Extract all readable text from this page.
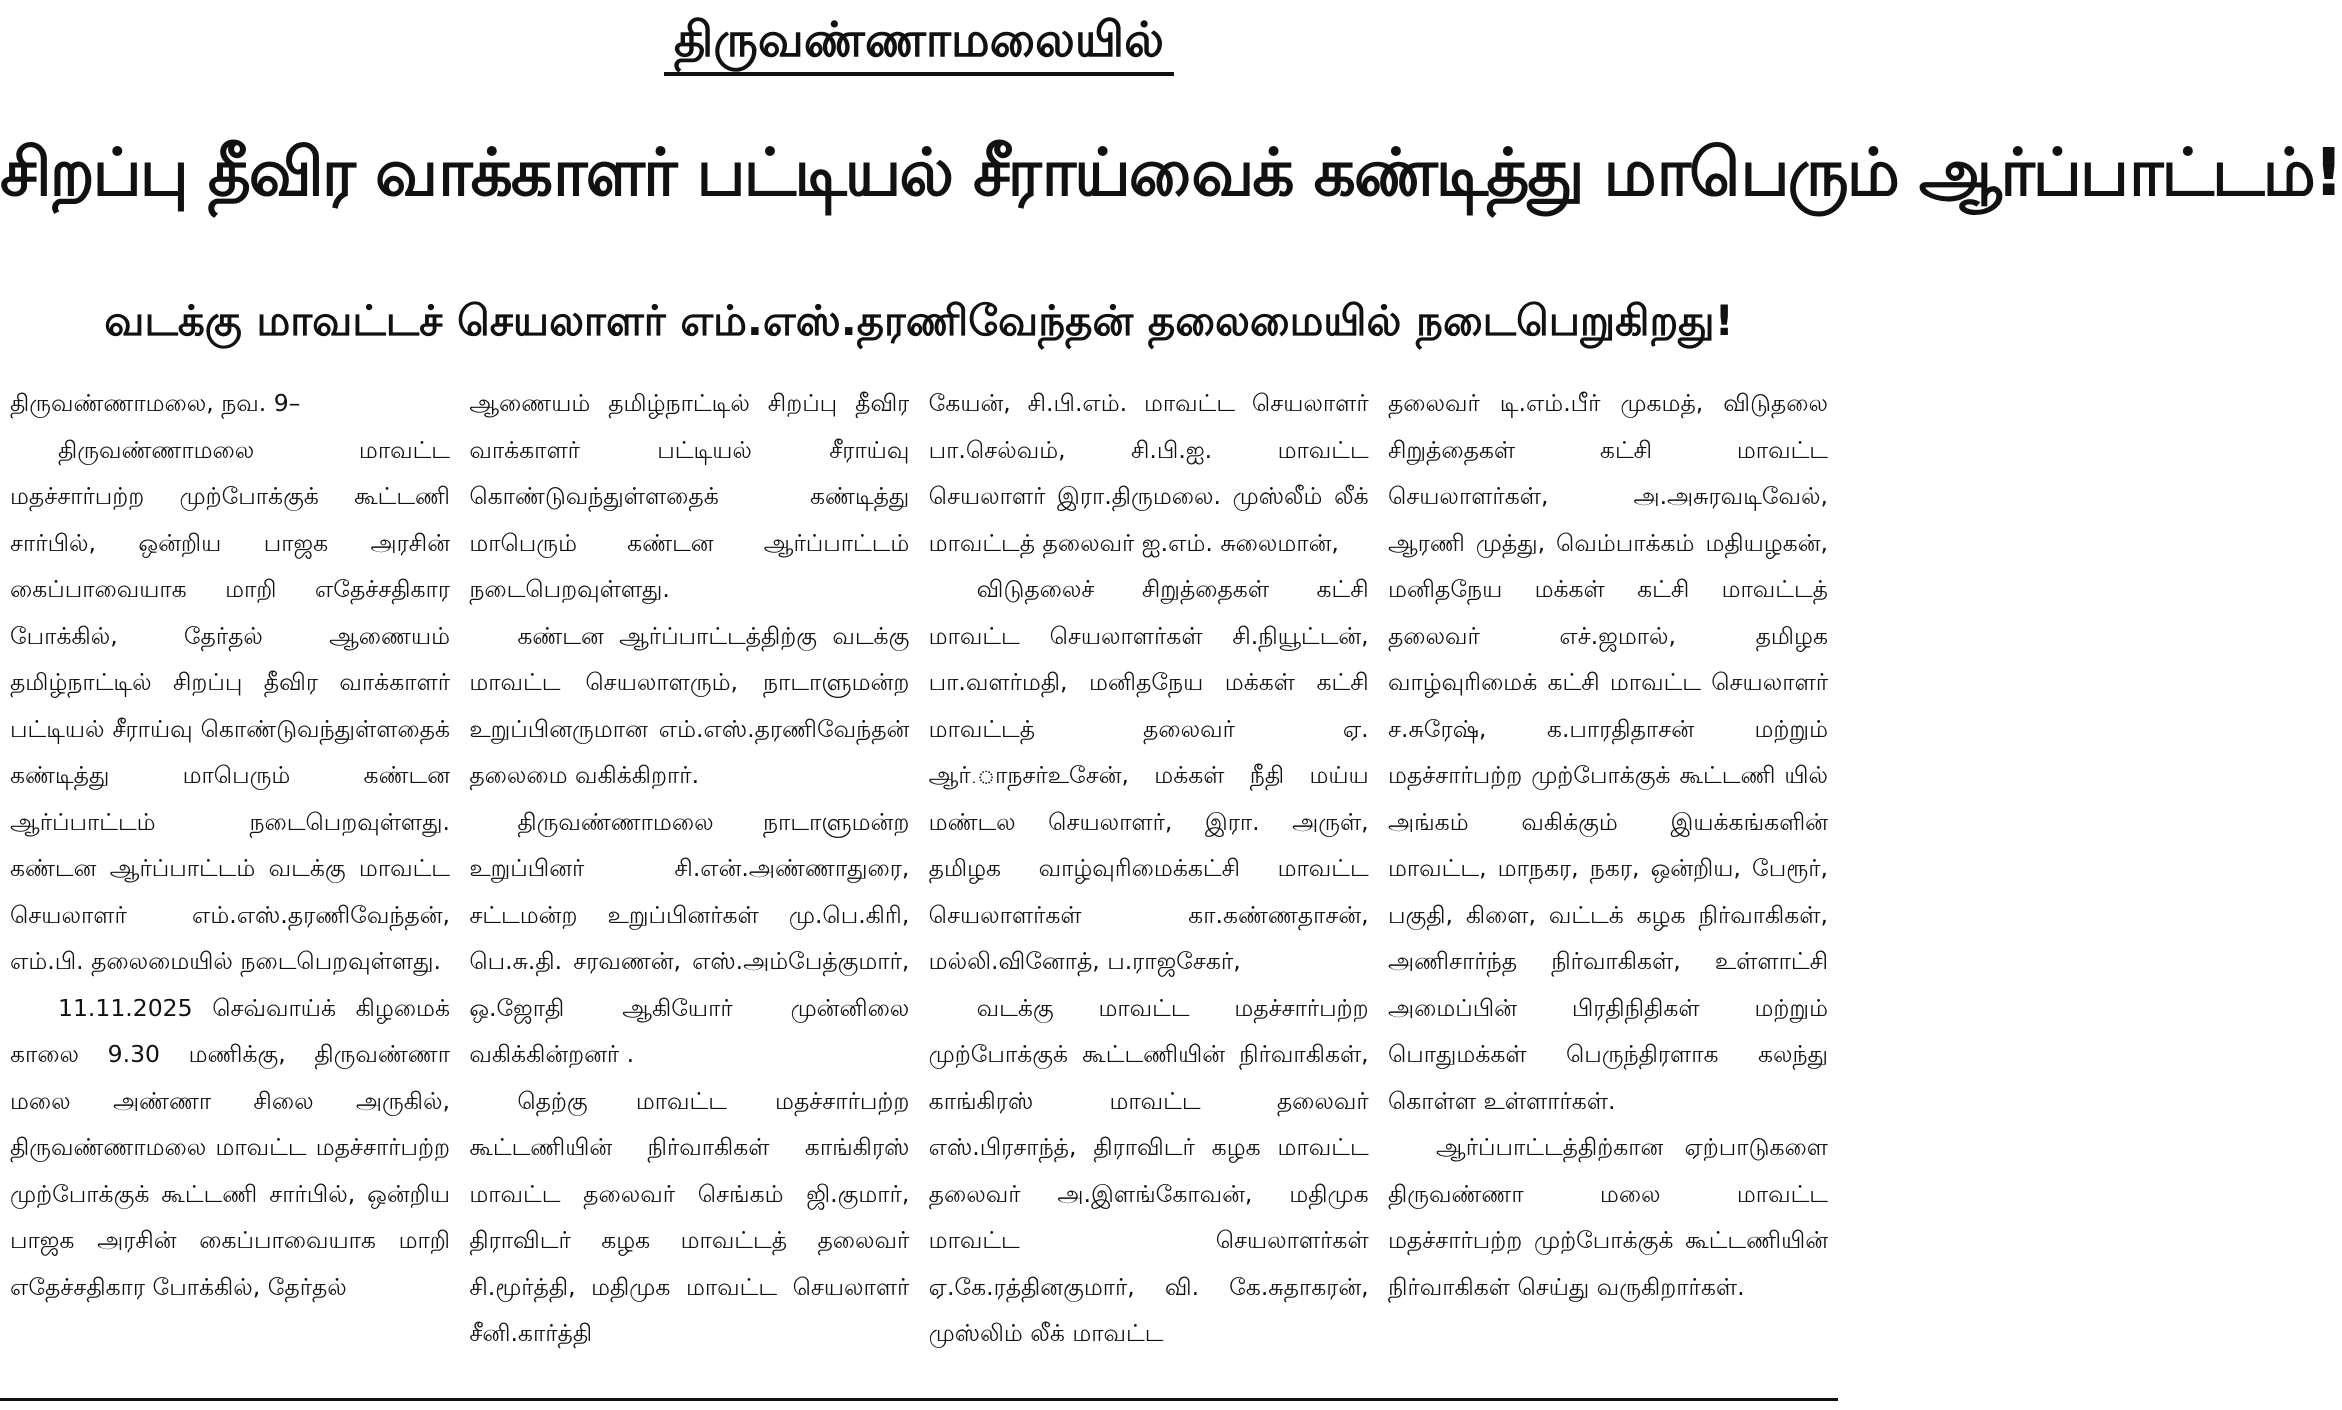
திருவண்ணாமலையில்
சிறப்பு தீவிர வாக்காளர் பட்டியல் சீராய்வைக் கண்டித்து மாபெரும் ஆர்ப்பாட்டம்!
வடக்கு மாவட்டச் செயலாளர் எம்.எஸ்.தரணிவேந்தன் தலைமையில் நடைபெறுகிறது!

திருவண்ணாமலை, நவ. 9–

திருவண்ணாமலை மாவட்ட மதச்சார்பற்ற முற்போக்குக் கூட்டணி சார்பில், ஒன்றிய பாஜக அரசின் கைப்பாவையாக மாறி எதேச்சதிகார போக்கில், தேர்தல் ஆணையம் தமிழ்நாட்டில் சிறப்பு தீவிர வாக்காளர் பட்டியல் சீராய்வு கொண்டுவந்துள்ளதைக் கண்டித்து மாபெரும் கண்டன ஆர்ப்பாட்டம் நடைபெறவுள்ளது. கண்டன ஆர்ப்பாட்டம் வடக்கு மாவட்ட செயலாளர் எம்.எஸ்.தரணிவேந்தன், எம்.பி. தலைமையில் நடைபெறவுள்ளது.

11.11.2025 செவ்வாய்க் கிழமைக் காலை 9.30 மணிக்கு, திருவண்ணா மலை அண்ணா சிலை அருகில், திருவண்ணாமலை மாவட்ட மதச்சார்பற்ற முற்போக்குக் கூட்டணி சார்பில், ஒன்றிய பாஜக அரசின் கைப்பாவையாக மாறி எதேச்சதிகார போக்கில், தேர்தல்

ஆணையம் தமிழ்நாட்டில் சிறப்பு தீவிர வாக்காளர் பட்டியல் சீராய்வு கொண்டுவந்துள்ளதைக் கண்டித்து மாபெரும் கண்டன ஆர்ப்பாட்டம் நடைபெறவுள்ளது.

கண்டன ஆர்ப்பாட்டத்திற்கு வடக்கு மாவட்ட செயலாளரும், நாடாளுமன்ற உறுப்பினருமான எம்.எஸ்.தரணிவேந்தன் தலைமை வகிக்கிறார்.

திருவண்ணாமலை நாடாளுமன்ற உறுப்பினர் சி.என்.அண்ணாதுரை, சட்டமன்ற உறுப்பினர்கள் மு.பெ.கிரி, பெ.சு.தி. சரவணன், எஸ்.அம்பேத்குமார், ஒ.ஜோதி ஆகியோர் முன்னிலை வகிக்கின்றனர் .

தெற்கு மாவட்ட மதச்சார்பற்ற கூட்டணியின் நிர்வாகிகள் காங்கிரஸ் மாவட்ட தலைவர் செங்கம் ஜி.குமார், திராவிடர் கழக மாவட்டத் தலைவர் சி.மூர்த்தி, மதிமுக மாவட்ட செயலாளர் சீனி.கார்த்தி

கேயன், சி.பி.எம். மாவட்ட செயலாளர் பா.செல்வம், சி.பி.ஐ. மாவட்ட செயலாளர் இரா.திருமலை. முஸ்லீம் லீக் மாவட்டத் தலைவர் ஐ.எம். சுலைமான்,

விடுதலைச் சிறுத்தைகள் கட்சி மாவட்ட செயலாளர்கள் சி.நியூட்டன், பா.வளர்மதி, மனிதநேய மக்கள் கட்சி மாவட்டத் தலைவர் ஏ. ஆர்.ாநசர்உசேன், மக்கள் நீதி மய்ய மண்டல செயலாளர், இரா. அருள், தமிழக வாழ்வுரிமைக்கட்சி மாவட்ட செயலாளர்கள் கா.கண்ணதாசன், மல்லி.வினோத், ப.ராஜசேகர்,

வடக்கு மாவட்ட மதச்சார்பற்ற முற்போக்குக் கூட்டணியின் நிர்வாகிகள், காங்கிரஸ் மாவட்ட தலைவர் எஸ்.பிரசாந்த், திராவிடர் கழக மாவட்ட தலைவர் அ.இளங்கோவன், மதிமுக மாவட்ட செயலாளர்கள் ஏ.கே.ரத்தினகுமார், வி. கே.சுதாகரன், முஸ்லிம் லீக் மாவட்ட

தலைவர் டி.எம்.பீர் முகமத், விடுதலை சிறுத்தைகள் கட்சி மாவட்ட செயலாளர்கள், அ.அசுரவடிவேல், ஆரணி முத்து, வெம்பாக்கம் மதியழகன், மனிதநேய மக்கள் கட்சி மாவட்டத் தலைவர் எச்.ஜமால், தமிழக வாழ்வுரிமைக் கட்சி மாவட்ட செயலாளர் ச.சுரேஷ், க.பாரதிதாசன் மற்றும் மதச்சார்பற்ற முற்போக்குக் கூட்டணி யில் அங்கம் வகிக்கும் இயக்கங்களின் மாவட்ட, மாநகர, நகர, ஒன்றிய, பேரூர், பகுதி, கிளை, வட்டக் கழக நிர்வாகிகள், அணிசார்ந்த நிர்வாகிகள், உள்ளாட்சி அமைப்பின் பிரதிநிதிகள் மற்றும் பொதுமக்கள் பெருந்திரளாக கலந்து கொள்ள உள்ளார்கள்.

ஆர்ப்பாட்டத்திற்கான ஏற்பாடுகளை திருவண்ணா மலை மாவட்ட மதச்சார்பற்ற முற்போக்குக் கூட்டணியின் நிர்வாகிகள் செய்து வருகிறார்கள்.
